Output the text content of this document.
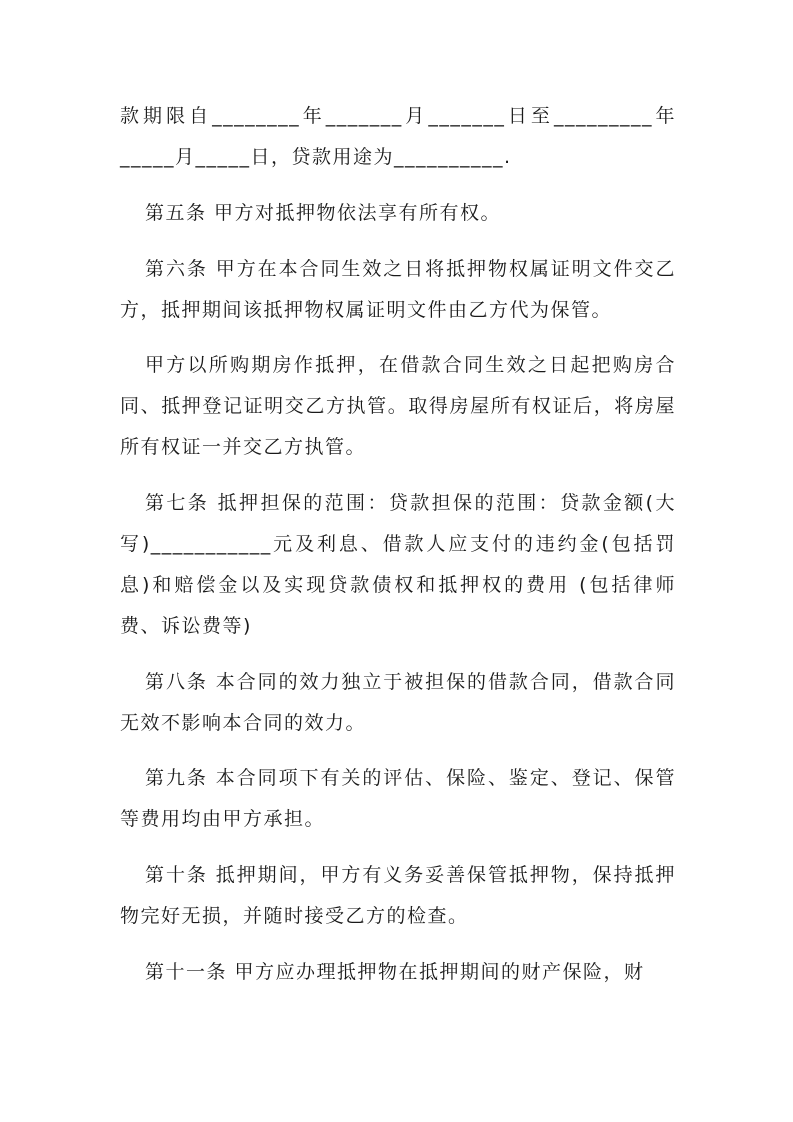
款期限自________年_______月_______日至_________年_____月_____日，贷款用途为__________.

第五条 甲方对抵押物依法享有所有权。

第六条 甲方在本合同生效之日将抵押物权属证明文件交乙方，抵押期间该抵押物权属证明文件由乙方代为保管。

甲方以所购期房作抵押，在借款合同生效之日起把购房合同、抵押登记证明交乙方执管。取得房屋所有权证后，将房屋所有权证一并交乙方执管。

第七条 抵押担保的范围：贷款担保的范围：贷款金额(大写)___________元及利息、借款人应支付的违约金(包括罚息)和赔偿金以及实现贷款债权和抵押权的费用 (包括律师费、诉讼费等)

第八条 本合同的效力独立于被担保的借款合同，借款合同无效不影响本合同的效力。

第九条 本合同项下有关的评估、保险、鉴定、登记、保管等费用均由甲方承担。

第十条 抵押期间，甲方有义务妥善保管抵押物，保持抵押物完好无损，并随时接受乙方的检查。

第十一条 甲方应办理抵押物在抵押期间的财产保险，财
